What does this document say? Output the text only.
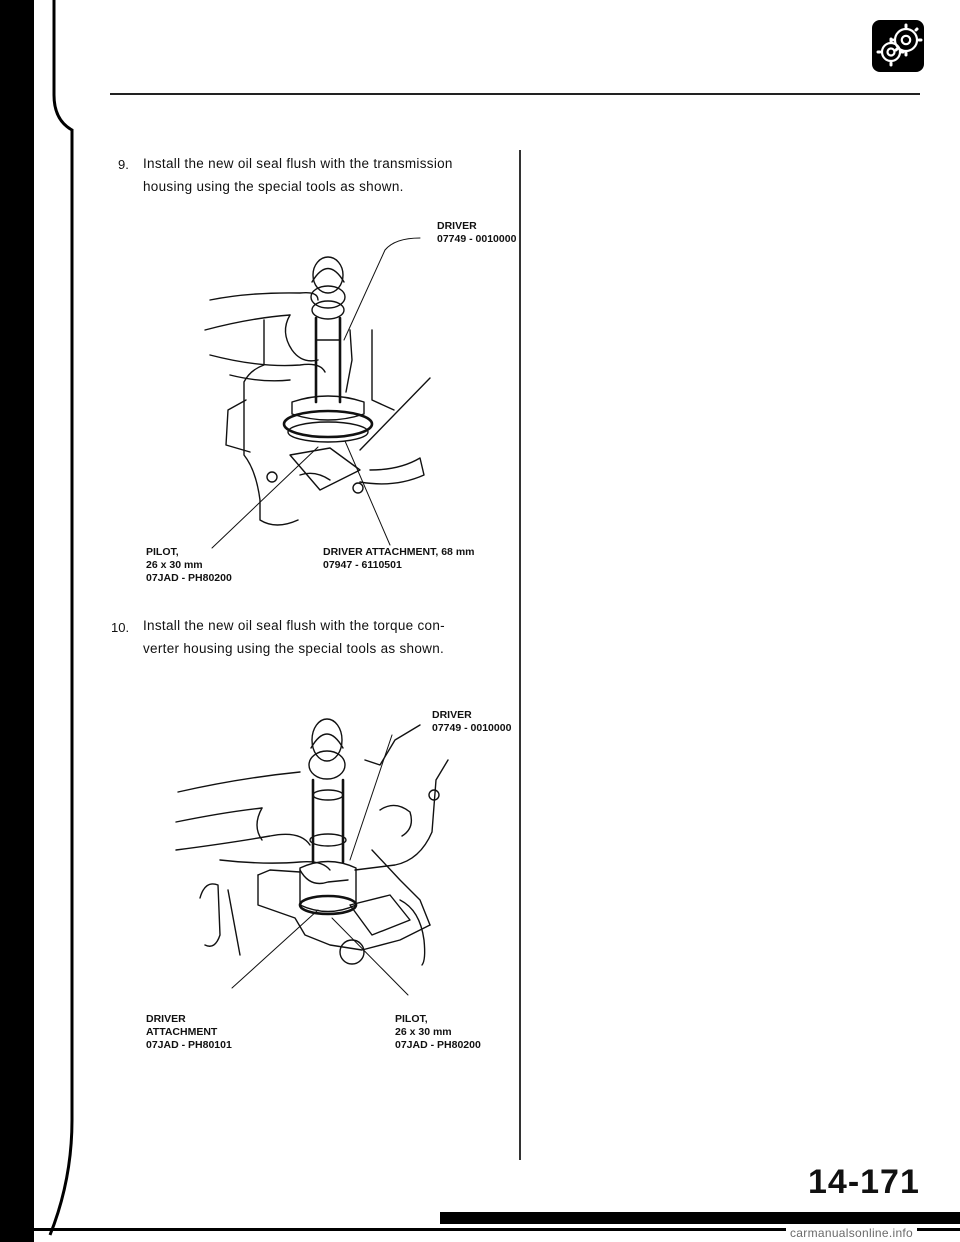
9. Install the new oil seal flush with the transmission
housing using the special tools as shown.
DRIVER
07749 - 0010000
PILOT,
26 x 30 mm
07JAD - PH80200
DRIVER ATTACHMENT, 68 mm
07947 - 6110501
10. Install the new oil seal flush with the torque con-
verter housing using the special tools as shown.
DRIVER
07749 - 0010000
DRIVER
ATTACHMENT
07JAD - PH80101
PILOT,
26 x 30 mm
07JAD - PH80200
14-171
carmanualsonline.info
